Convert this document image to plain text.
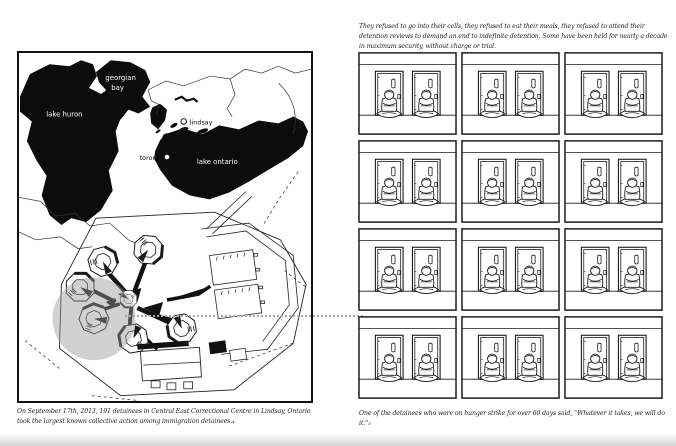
georgian
bay
lake huron
lindsay
toronto	lake ontario
On September 17th, 2013, 191 detainees in Central East Correctional Centre in Lindsay, Ontario took the largest known collective action among immigration detainees.₄
They refused to go into their cells, they refused to eat their meals, they refused to attend their detention reviews to demand an end to indefinite detention. Some have been held for nearly a decade in maximum security, without charge or trial.
One of the detainees who were on hunger strike for over 60 days said, “Whatever it takes, we will do it.”₅
